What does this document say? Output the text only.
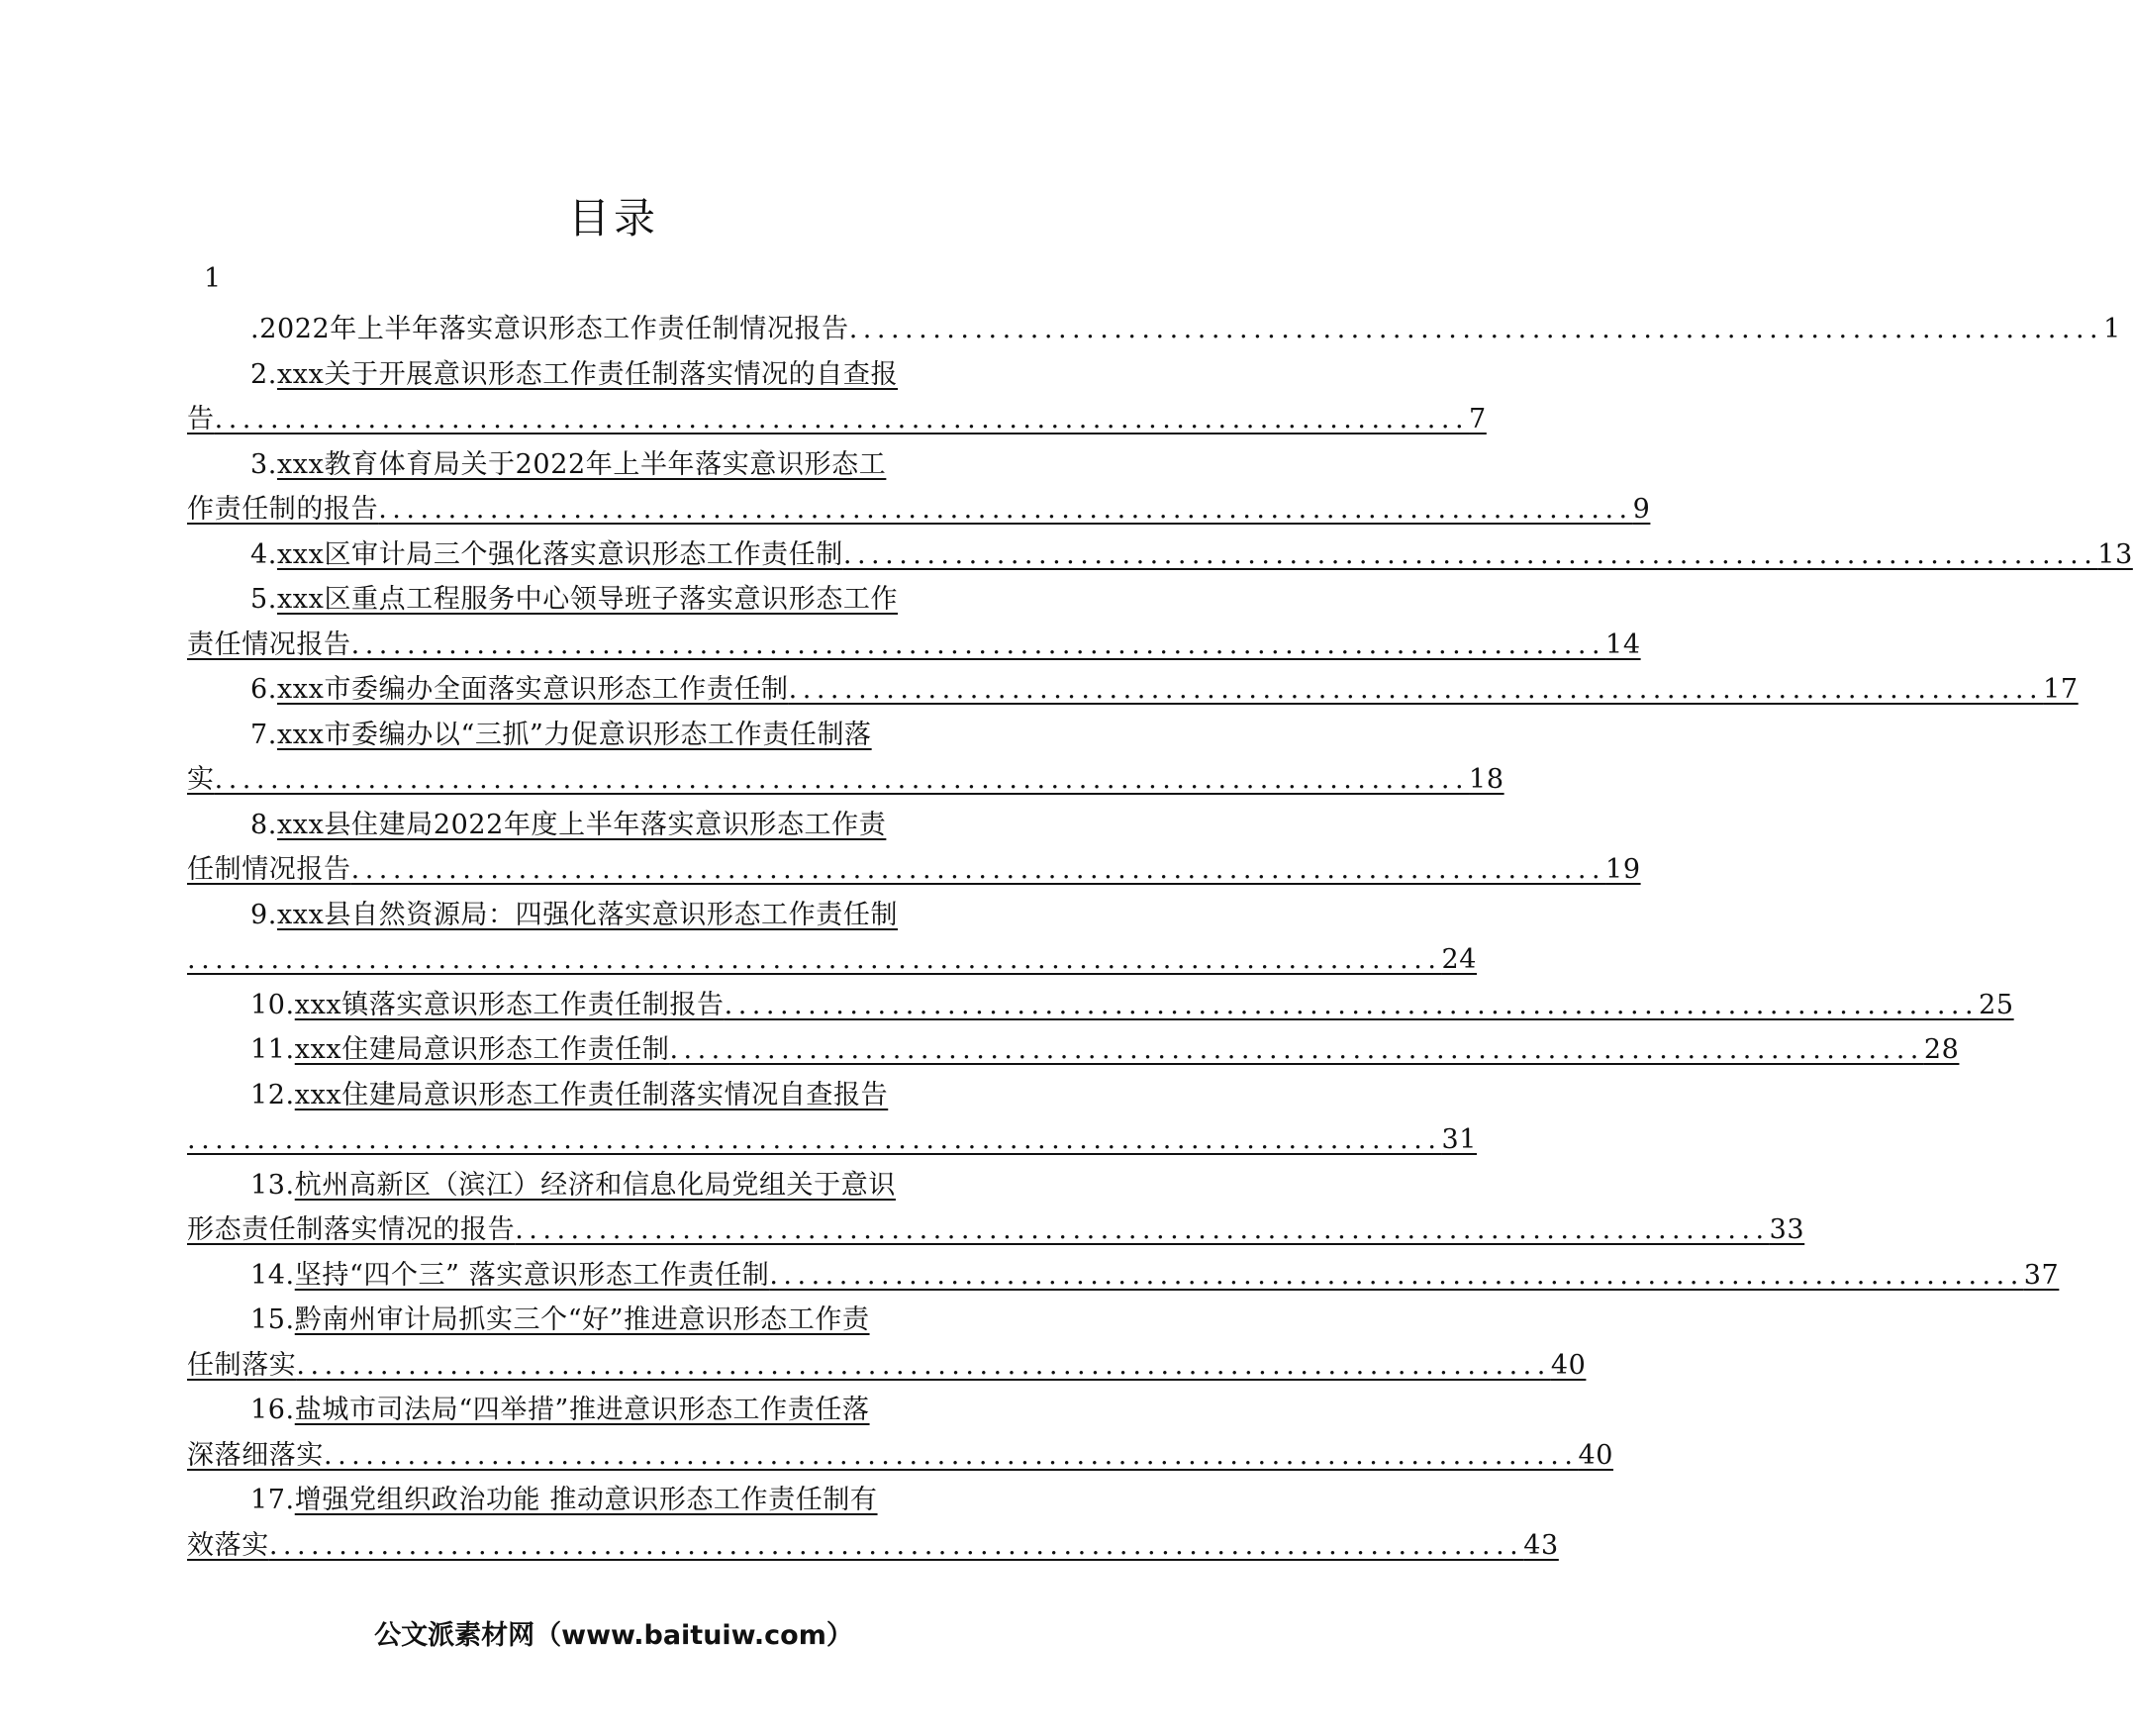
目录
1
. 2022年上半年落实意识形态工作责任制情况报告 .......................................................................................... 1
2. xxx关于开展意识形态工作责任制落实情况的自查报
告 .......................................................................................... 7
3. xxx教育体育局关于2022年上半年落实意识形态工
作责任制的报告 .......................................................................................... 9
4. xxx区审计局三个强化落实意识形态工作责任制 .......................................................................................... 13
5. xxx区重点工程服务中心领导班子落实意识形态工作
责任情况报告 .......................................................................................... 14
6. xxx市委编办全面落实意识形态工作责任制 .......................................................................................... 17
7. xxx市委编办以“三抓”力促意识形态工作责任制落
实 .......................................................................................... 18
8. xxx县住建局2022年度上半年落实意识形态工作责
任制情况报告 .......................................................................................... 19
9. xxx县自然资源局：四强化落实意识形态工作责任制
.......................................................................................... 24
10. xxx镇落实意识形态工作责任制报告 .......................................................................................... 25
11. xxx住建局意识形态工作责任制 .......................................................................................... 28
12. xxx住建局意识形态工作责任制落实情况自查报告
.......................................................................................... 31
13. 杭州高新区（滨江）经济和信息化局党组关于意识
形态责任制落实情况的报告 .......................................................................................... 33
14. 坚持“四个三” 落实意识形态工作责任制 .......................................................................................... 37
15. 黔南州审计局抓实三个“好”推进意识形态工作责
任制落实 .......................................................................................... 40
16. 盐城市司法局“四举措”推进意识形态工作责任落
深落细落实 .......................................................................................... 40
17. 增强党组织政治功能 推动意识形态工作责任制有
效落实 .......................................................................................... 43
公文派素材网（www.baituiw.com）
